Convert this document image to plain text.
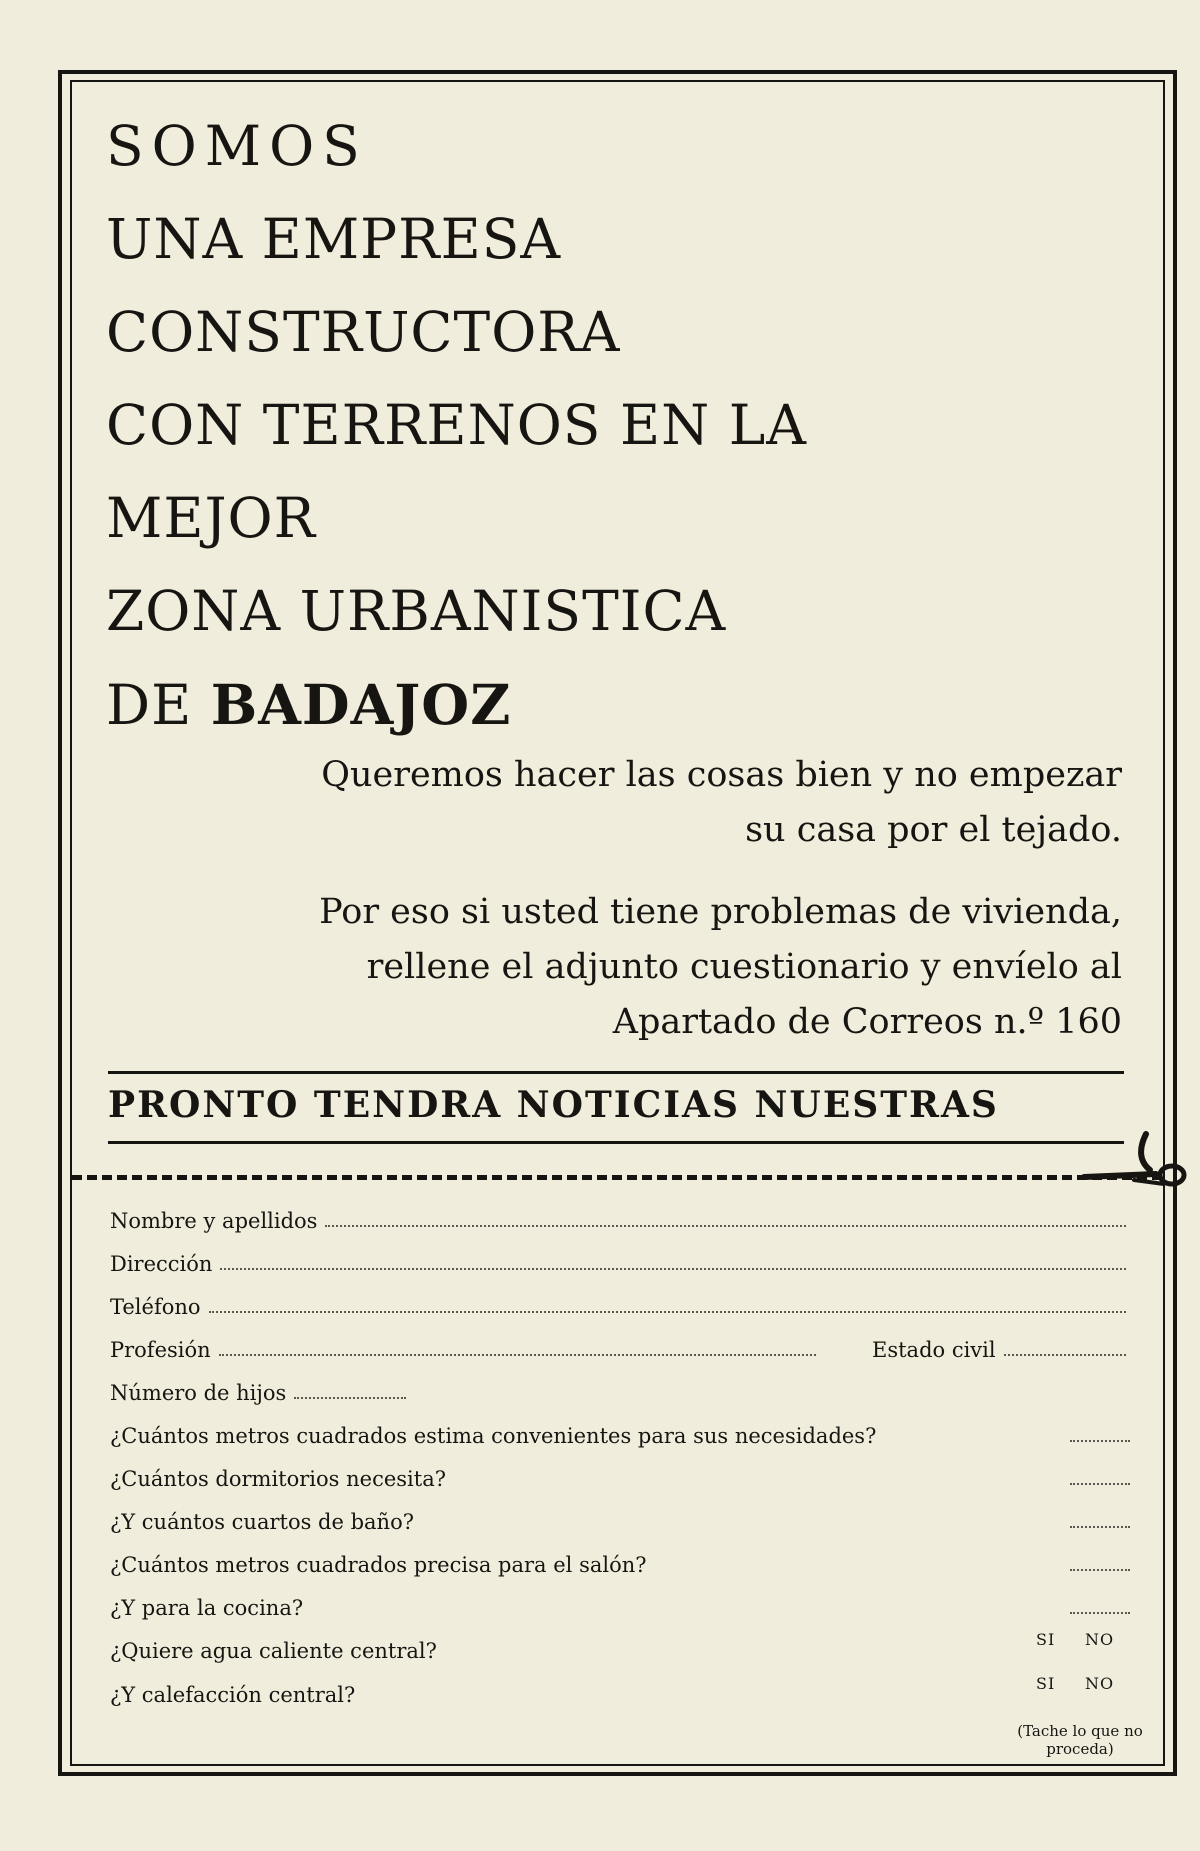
SOMOS
UNA EMPRESA
CONSTRUCTORA
CON TERRENOS EN LA
MEJOR
ZONA URBANISTICA
DE BADAJOZ

Queremos hacer las cosas bien y no empezar
su casa por el tejado.

Por eso si usted tiene problemas de vivienda,
rellene el adjunto cuestionario y envíelo al
Apartado de Correos n.º 160

PRONTO TENDRA NOTICIAS NUESTRAS
Nombre y apellidos
Dirección
Teléfono
Profesión	Estado civil
Número de hijos
¿Cuántos metros cuadrados estima convenientes para sus necesidades?
¿Cuántos dormitorios necesita?
¿Y cuántos cuartos de baño?
¿Cuántos metros cuadrados precisa para el salón?
¿Y para la cocina?
¿Quiere agua caliente central?	SI NO
¿Y calefacción central?	SI NO
(Tache lo que no
proceda)
